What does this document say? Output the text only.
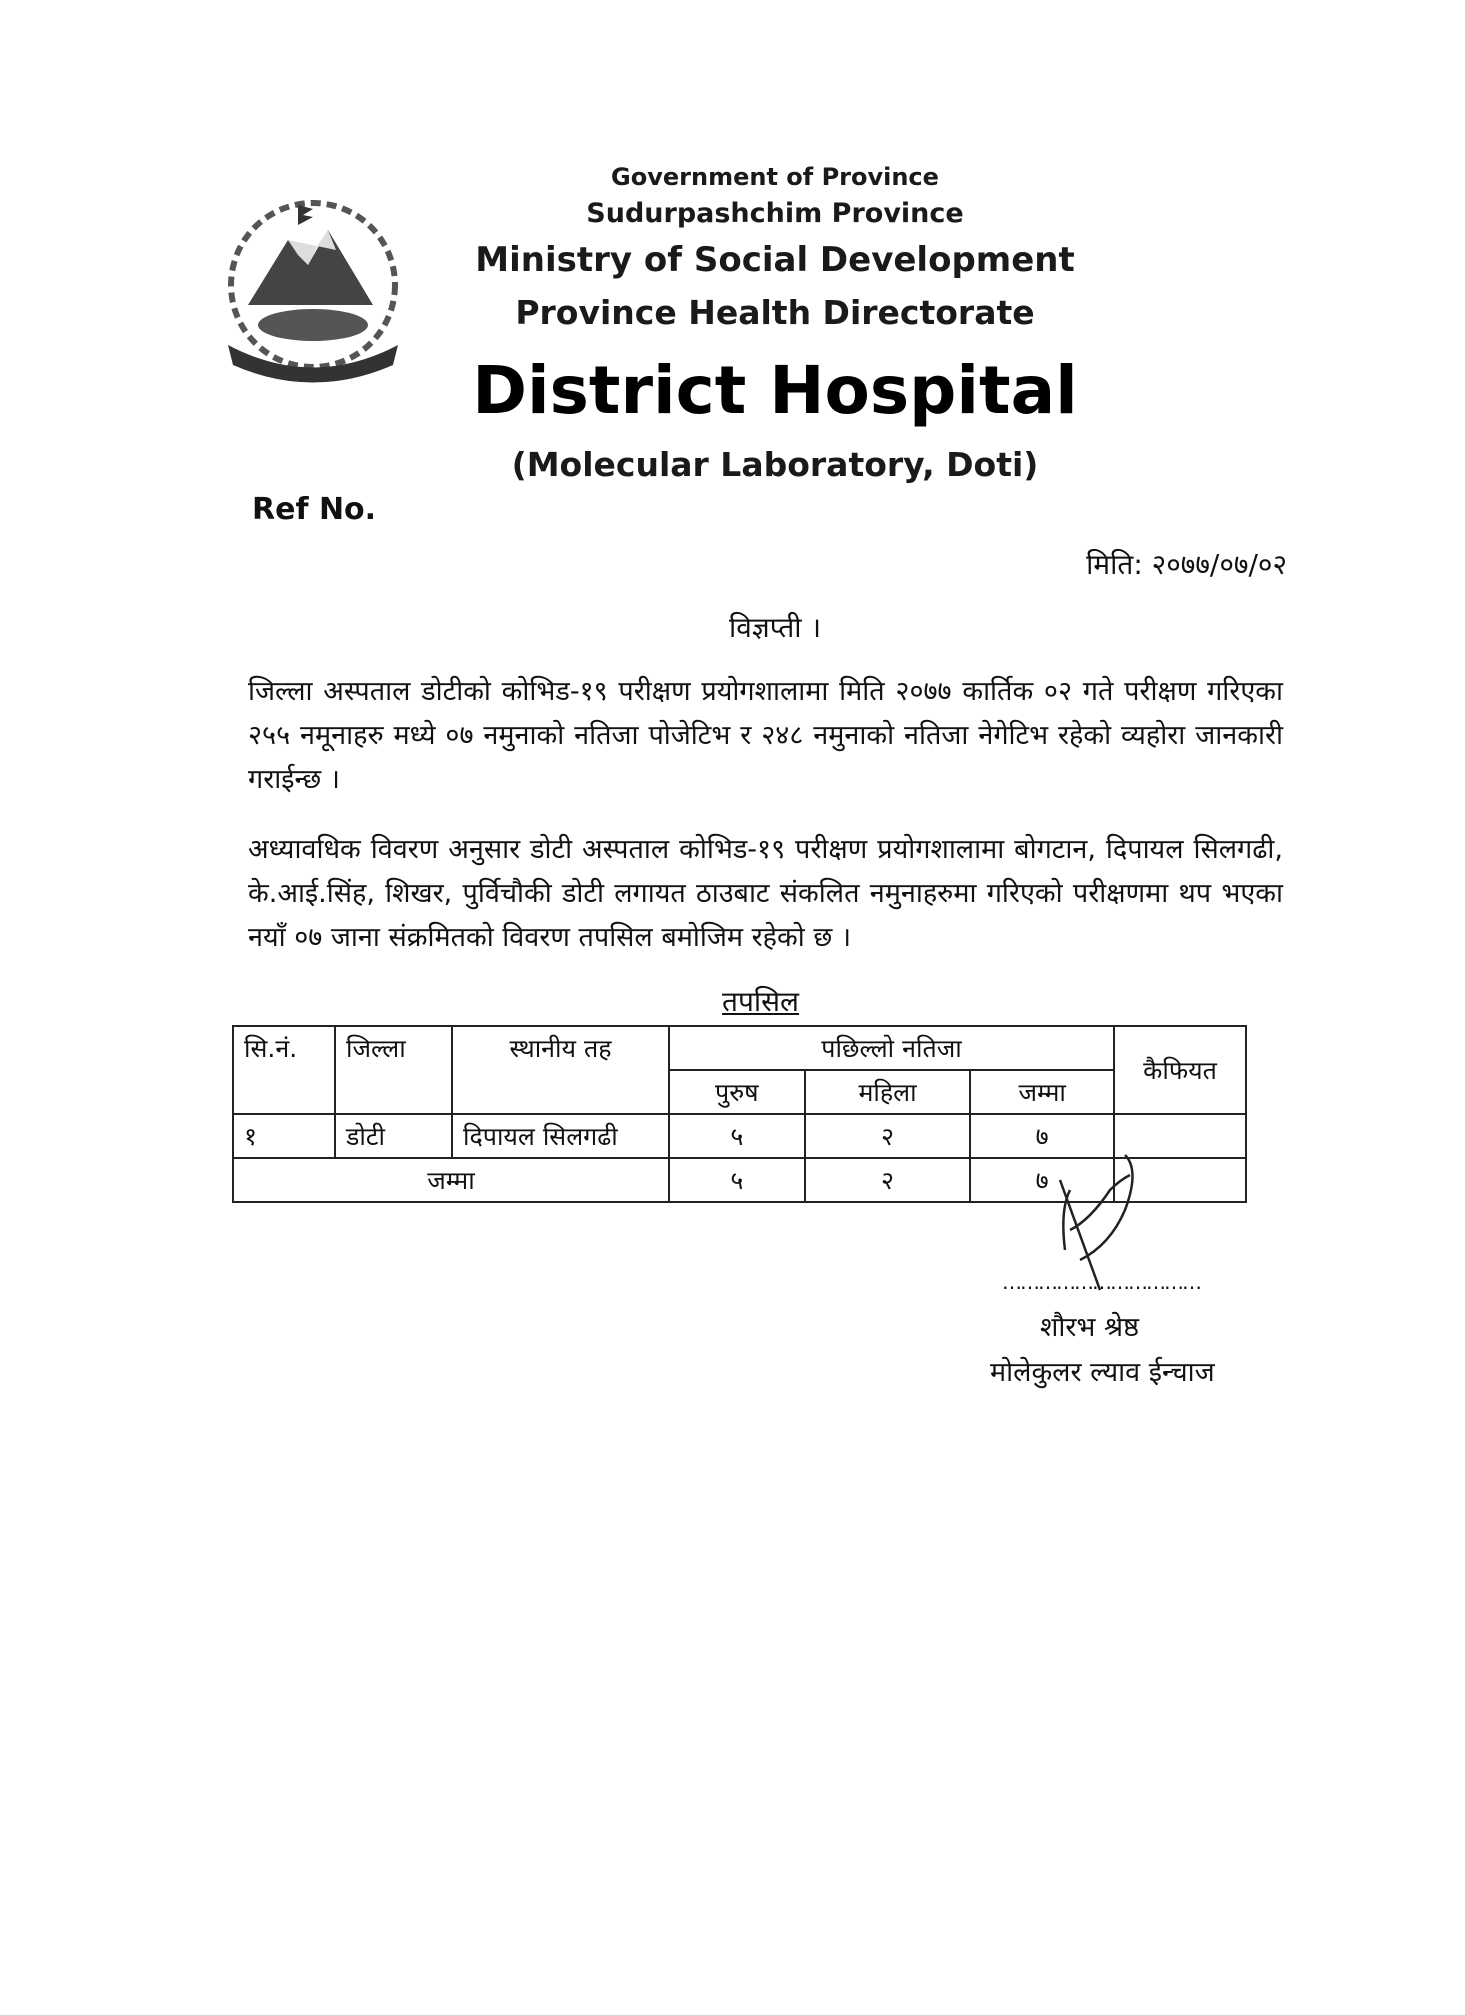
Government of Province
Sudurpashchim Province
Ministry of Social Development
Province Health Directorate
District Hospital
(Molecular Laboratory, Doti)
Ref No.
मिति: २०७७/०७/०२
विज्ञप्ती ।
जिल्ला अस्पताल डोटीको कोभिड-१९ परीक्षण प्रयोगशालामा मिति २०७७ कार्तिक ०२ गते परीक्षण गरिएका २५५ नमूनाहरु मध्ये ०७ नमुनाको नतिजा पोजेटिभ र २४८ नमुनाको नतिजा नेगेटिभ रहेको व्यहोरा जानकारी गराईन्छ ।
अध्यावधिक विवरण अनुसार डोटी अस्पताल कोभिड-१९ परीक्षण प्रयोगशालामा बोगटान, दिपायल सिलगढी, के.आई.सिंह, शिखर, पुर्विचौकी डोटी लगायत ठाउबाट संकलित नमुनाहरुमा गरिएको परीक्षणमा थप भएका नयाँ ०७ जाना संक्रमितको विवरण तपसिल बमोजिम रहेको छ ।
तपसिल
सि.नं.	जिल्ला	स्थानीय तह	पछिल्लो नतिजा			कैफियत
			पुरुष	महिला	जम्मा	
१	डोटी	दिपायल सिलगढी	५	२	७	
जम्मा			५	२	७	
……………………………
शौरभ श्रेष्ठ
मोलेकुलर ल्याव ईन्चाज
